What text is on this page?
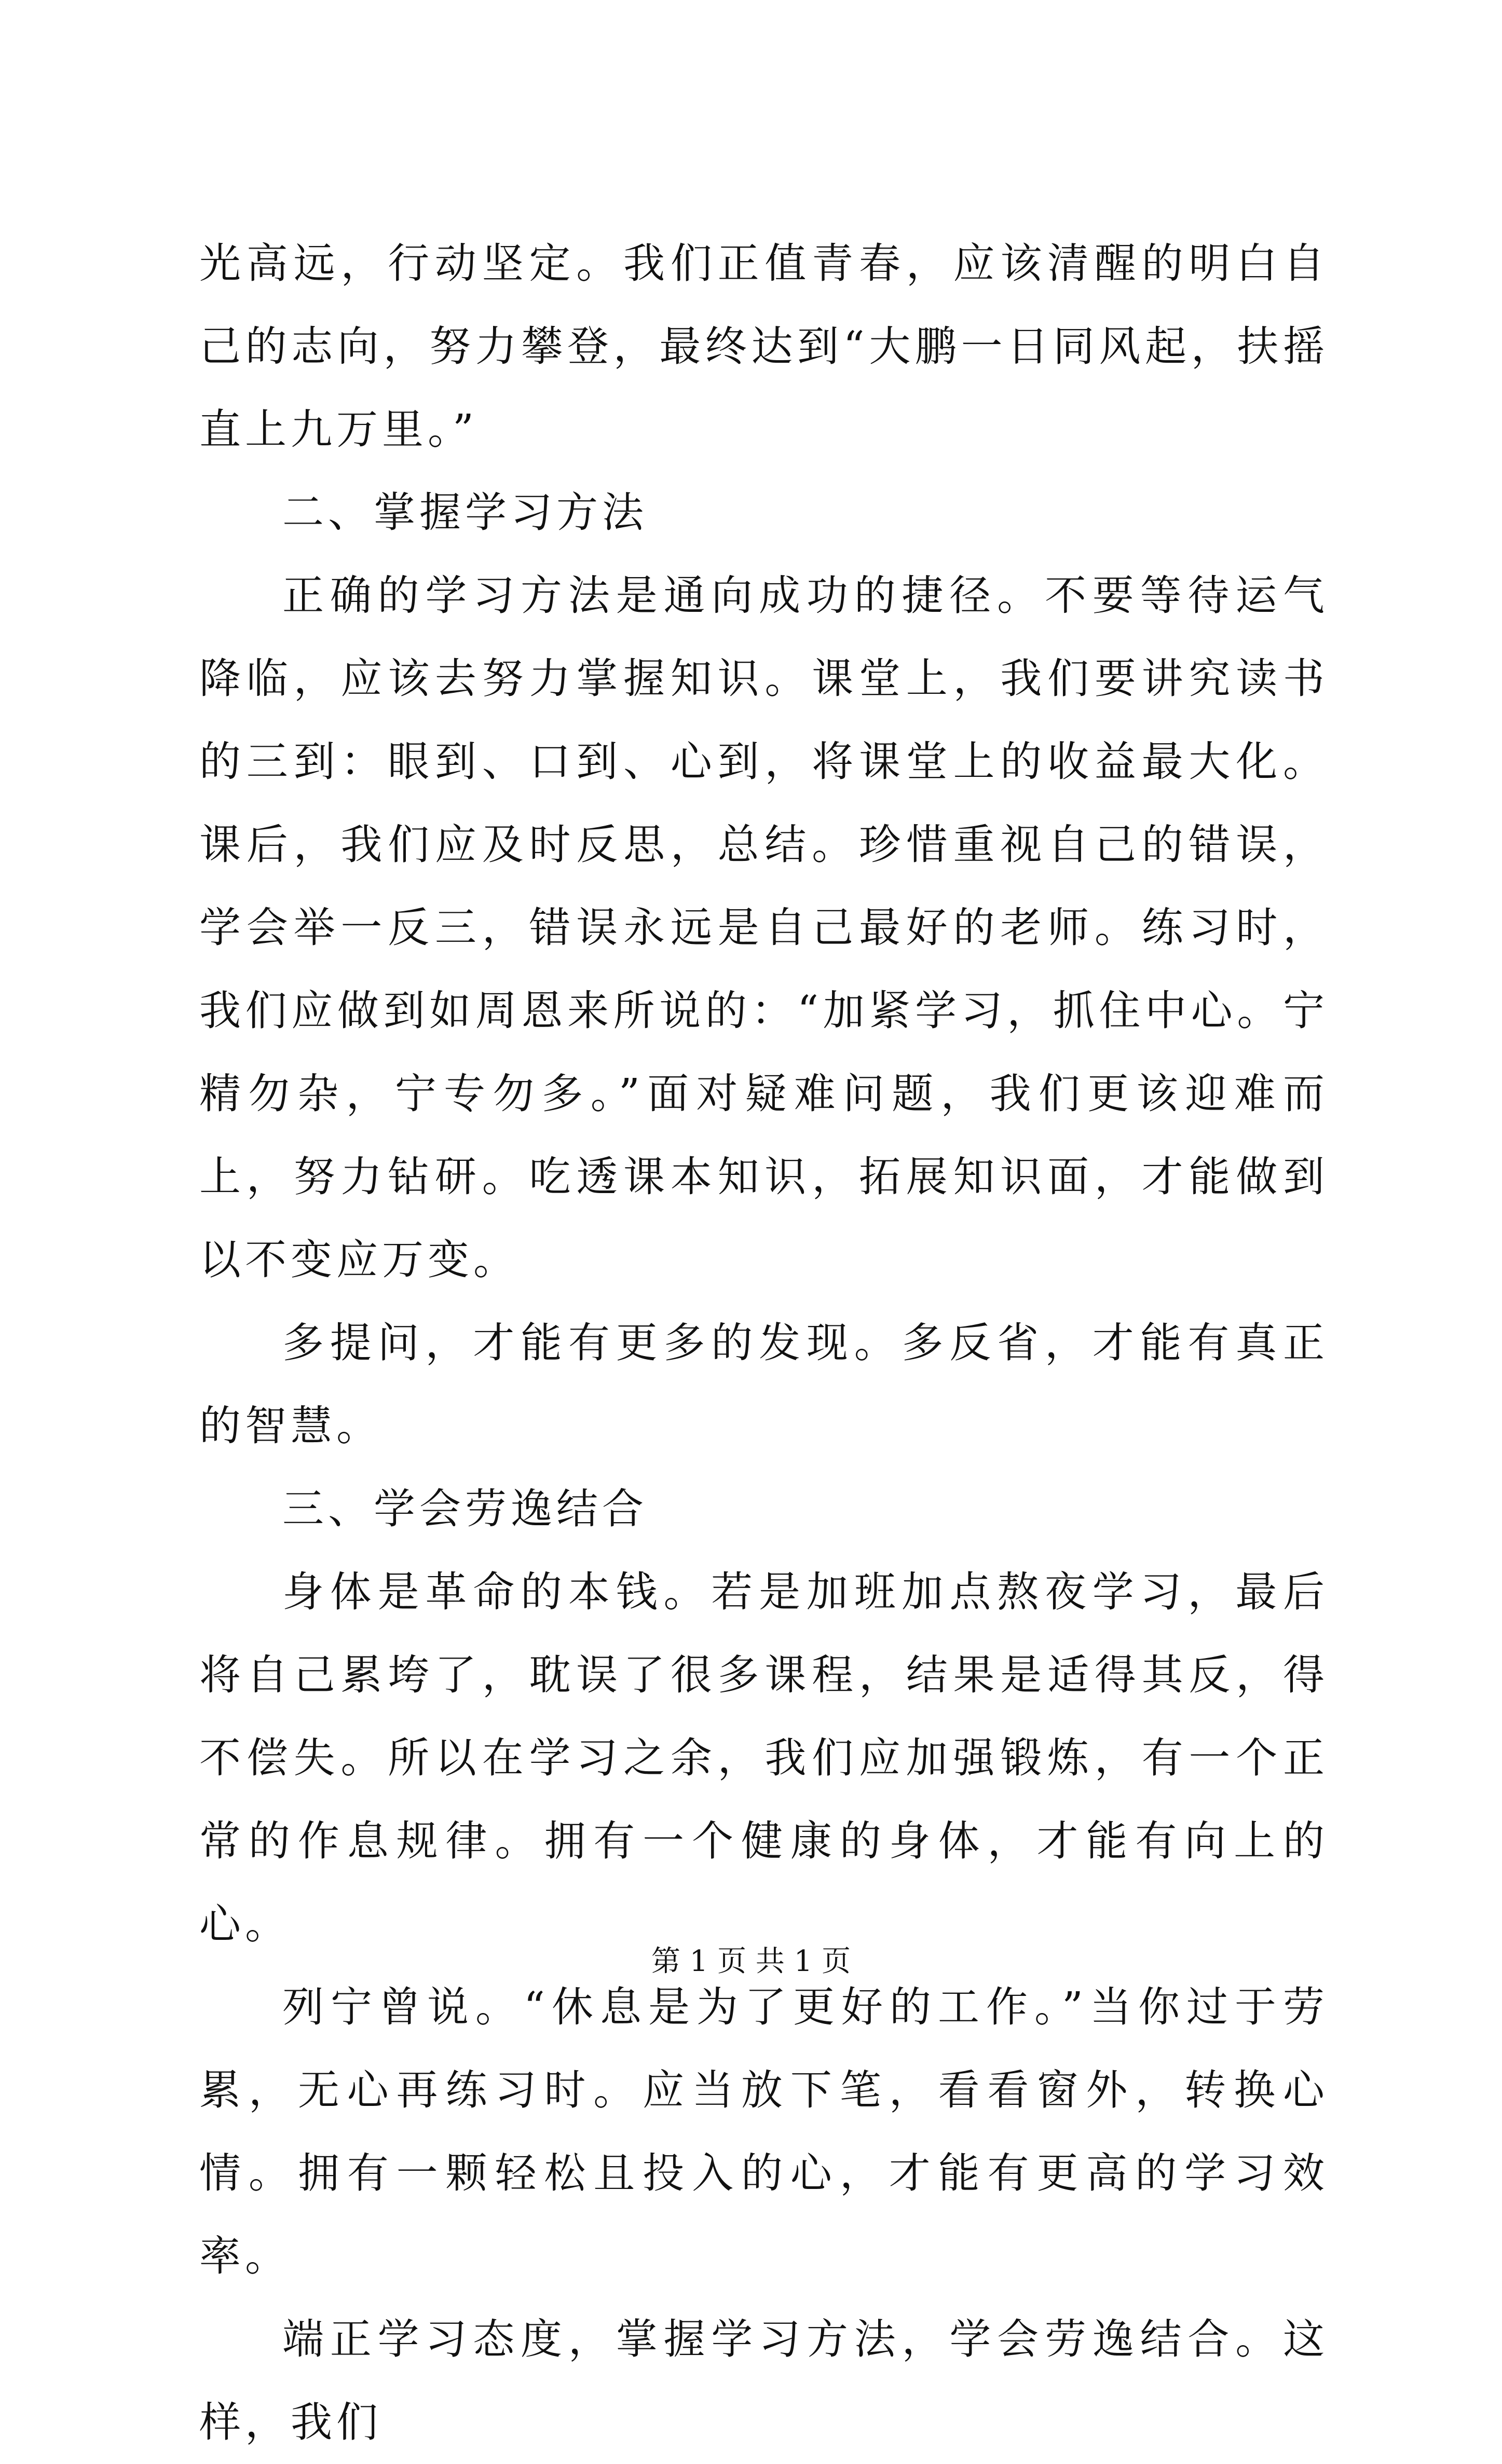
光高远，行动坚定。我们正值青春，应该清醒的明白自己的志向，努力攀登，最终达到“大鹏一日同风起，扶摇直上九万里。”

二、掌握学习方法

正确的学习方法是通向成功的捷径。不要等待运气降临，应该去努力掌握知识。课堂上，我们要讲究读书的三到：眼到、口到、心到，将课堂上的收益最大化。课后，我们应及时反思，总结。珍惜重视自己的错误，学会举一反三，错误永远是自己最好的老师。练习时，我们应做到如周恩来所说的：“加紧学习，抓住中心。宁精勿杂，宁专勿多。”面对疑难问题，我们更该迎难而上，努力钻研。吃透课本知识，拓展知识面，才能做到以不变应万变。

多提问，才能有更多的发现。多反省，才能有真正的智慧。

三、学会劳逸结合

身体是革命的本钱。若是加班加点熬夜学习，最后将自己累垮了，耽误了很多课程，结果是适得其反，得不偿失。所以在学习之余，我们应加强锻炼，有一个正常的作息规律。拥有一个健康的身体，才能有向上的心。

列宁曾说。“休息是为了更好的工作。”当你过于劳累，无心再练习时。应当放下笔，看看窗外，转换心情。拥有一颗轻松且投入的心，才能有更高的学习效率。

端正学习态度，掌握学习方法，学会劳逸结合。这样，我们

第 1 页 共 1 页
